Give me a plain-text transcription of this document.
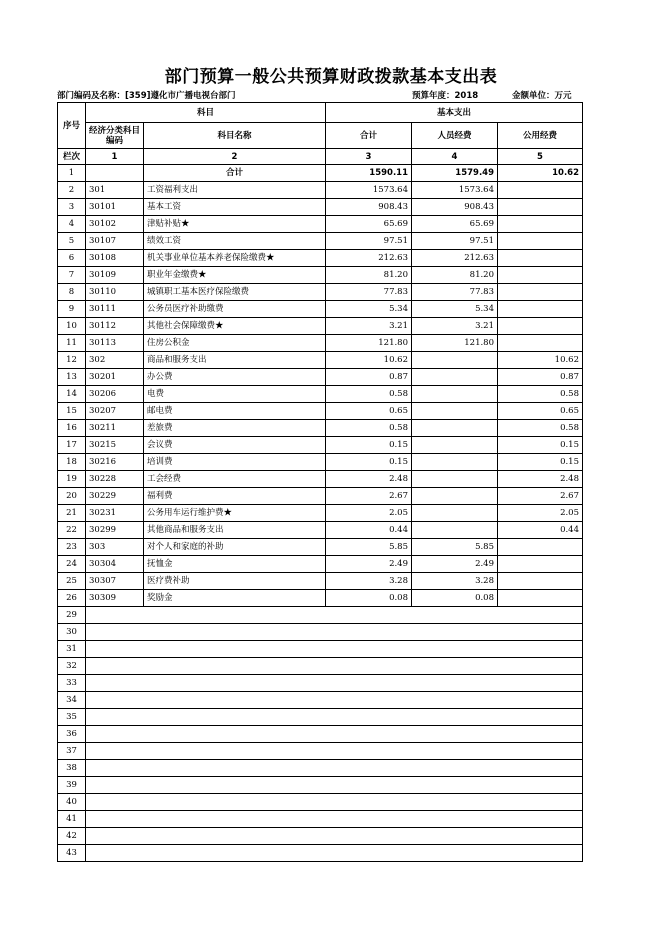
部门预算一般公共预算财政拨款基本支出表
部门编码及名称：[359]遵化市广播电视台部门	预算年度：2018	金额单位：万元
序号	科目		基本支出		
	经济分类科目编码	科目名称	合计	人员经费	公用经费
栏次	1	2	3	4	5
1		合计	1590.11	1579.49	10.62
2	301	工资福利支出	1573.64	1573.64	
3	30101	基本工资	908.43	908.43	
4	30102	津贴补贴★	65.69	65.69	
5	30107	绩效工资	97.51	97.51	
6	30108	机关事业单位基本养老保险缴费★	212.63	212.63	
7	30109	职业年金缴费★	81.20	81.20	
8	30110	城镇职工基本医疗保险缴费	77.83	77.83	
9	30111	公务员医疗补助缴费	5.34	5.34	
10	30112	其他社会保障缴费★	3.21	3.21	
11	30113	住房公积金	121.80	121.80	
12	302	商品和服务支出	10.62		10.62
13	30201	办公费	0.87		0.87
14	30206	电费	0.58		0.58
15	30207	邮电费	0.65		0.65
16	30211	差旅费	0.58		0.58
17	30215	会议费	0.15		0.15
18	30216	培训费	0.15		0.15
19	30228	工会经费	2.48		2.48
20	30229	福利费	2.67		2.67
21	30231	公务用车运行维护费★	2.05		2.05
22	30299	其他商品和服务支出	0.44		0.44
23	303	对个人和家庭的补助	5.85	5.85	
24	30304	抚恤金	2.49	2.49	
25	30307	医疗费补助	3.28	3.28	
26	30309	奖励金	0.08	0.08	
29					
30					
31					
32					
33					
34					
35					
36					
37					
38					
39					
40					
41					
42					
43					
